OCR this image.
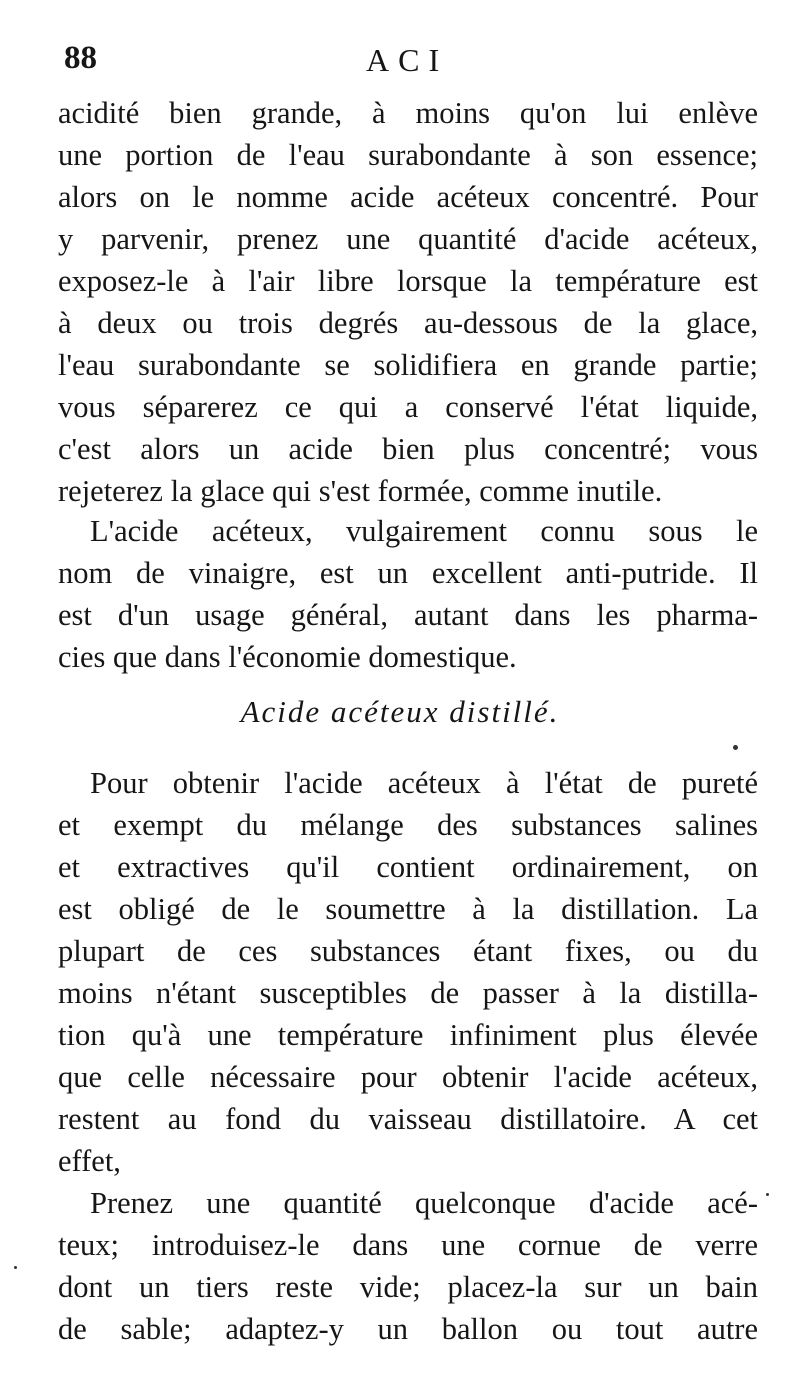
88	ACI
acidité bien grande, à moins qu'on lui enlève
une portion de l'eau surabondante à son essence;
alors on le nomme acide acéteux concentré. Pour
y parvenir, prenez une quantité d'acide acéteux,
exposez-le à l'air libre lorsque la température est
à deux ou trois degrés au-dessous de la glace,
l'eau surabondante se solidifiera en grande partie;
vous séparerez ce qui a conservé l'état liquide,
c'est alors un acide bien plus concentré; vous
rejeterez la glace qui s'est formée, comme inutile.
L'acide acéteux, vulgairement connu sous le
nom de vinaigre, est un excellent anti-putride. Il
est d'un usage général, autant dans les pharma-
cies que dans l'économie domestique.
Acide acéteux distillé.
Pour obtenir l'acide acéteux à l'état de pureté
et exempt du mélange des substances salines
et extractives qu'il contient ordinairement, on
est obligé de le soumettre à la distillation. La
plupart de ces substances étant fixes, ou du
moins n'étant susceptibles de passer à la distilla-
tion qu'à une température infiniment plus élevée
que celle nécessaire pour obtenir l'acide acéteux,
restent au fond du vaisseau distillatoire. A cet
effet,
Prenez une quantité quelconque d'acide acé-
teux; introduisez-le dans une cornue de verre
dont un tiers reste vide; placez-la sur un bain
de sable; adaptez-y un ballon ou tout autre
